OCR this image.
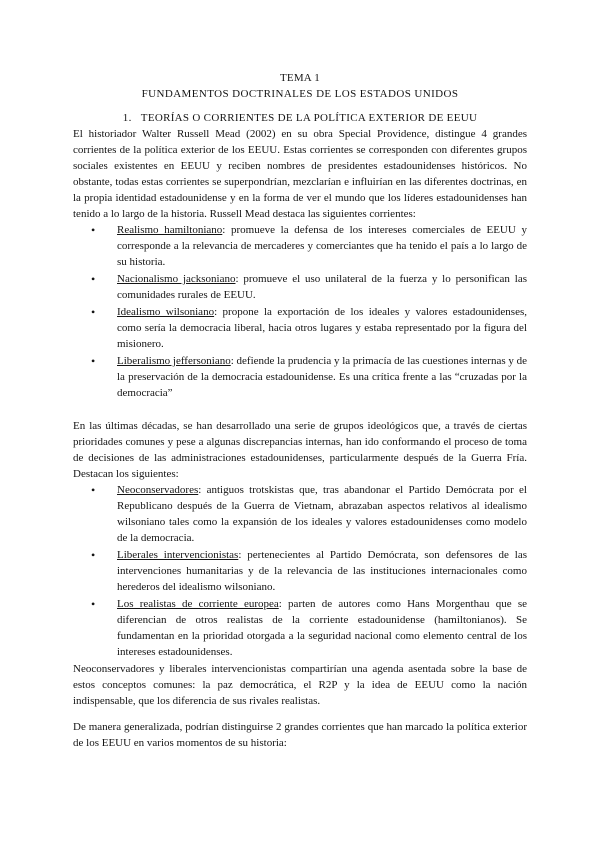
TEMA 1
FUNDAMENTOS DOCTRINALES DE LOS ESTADOS UNIDOS
1. TEORÍAS O CORRIENTES DE LA POLÍTICA EXTERIOR DE EEUU

El historiador Walter Russell Mead (2002) en su obra Special Providence, distingue 4 grandes corrientes de la política exterior de los EEUU. Estas corrientes se corresponden con diferentes grupos sociales existentes en EEUU y reciben nombres de presidentes estadounidenses históricos. No obstante, todas estas corrientes se superpondrían, mezclarían e influirían en las diferentes doctrinas, en la propia identidad estadounidense y en la forma de ver el mundo que los líderes estadounidenses han tenido a lo largo de la historia. Russell Mead destaca las siguientes corrientes:

• Realismo hamiltoniano: promueve la defensa de los intereses comerciales de EEUU y corresponde a la relevancia de mercaderes y comerciantes que ha tenido el país a lo largo de su historia.
• Nacionalismo jacksoniano: promueve el uso unilateral de la fuerza y lo personifican las comunidades rurales de EEUU.
• Idealismo wilsoniano: propone la exportación de los ideales y valores estadounidenses, como sería la democracia liberal, hacia otros lugares y estaba representado por la figura del misionero.
• Liberalismo jeffersoniano: defiende la prudencia y la primacía de las cuestiones internas y de la preservación de la democracia estadounidense. Es una crítica frente a las “cruzadas por la democracia”

En las últimas décadas, se han desarrollado una serie de grupos ideológicos que, a través de ciertas prioridades comunes y pese a algunas discrepancias internas, han ido conformando el proceso de toma de decisiones de las administraciones estadounidenses, particularmente después de la Guerra Fría. Destacan los siguientes:

• Neoconservadores: antiguos trotskistas que, tras abandonar el Partido Demócrata por el Republicano después de la Guerra de Vietnam, abrazaban aspectos relativos al idealismo wilsoniano tales como la expansión de los ideales y valores estadounidenses como modelo de la democracia.
• Liberales intervencionistas: pertenecientes al Partido Demócrata, son defensores de las intervenciones humanitarias y de la relevancia de las instituciones internacionales como herederos del idealismo wilsoniano.
• Los realistas de corriente europea: parten de autores como Hans Morgenthau que se diferencian de otros realistas de la corriente estadounidense (hamiltonianos). Se fundamentan en la prioridad otorgada a la seguridad nacional como elemento central de los intereses estadounidenses.

Neoconservadores y liberales intervencionistas compartirían una agenda asentada sobre la base de estos conceptos comunes: la paz democrática, el R2P y la idea de EEUU como la nación indispensable, que los diferencia de sus rivales realistas.

De manera generalizada, podrían distinguirse 2 grandes corrientes que han marcado la política exterior de los EEUU en varios momentos de su historia:
